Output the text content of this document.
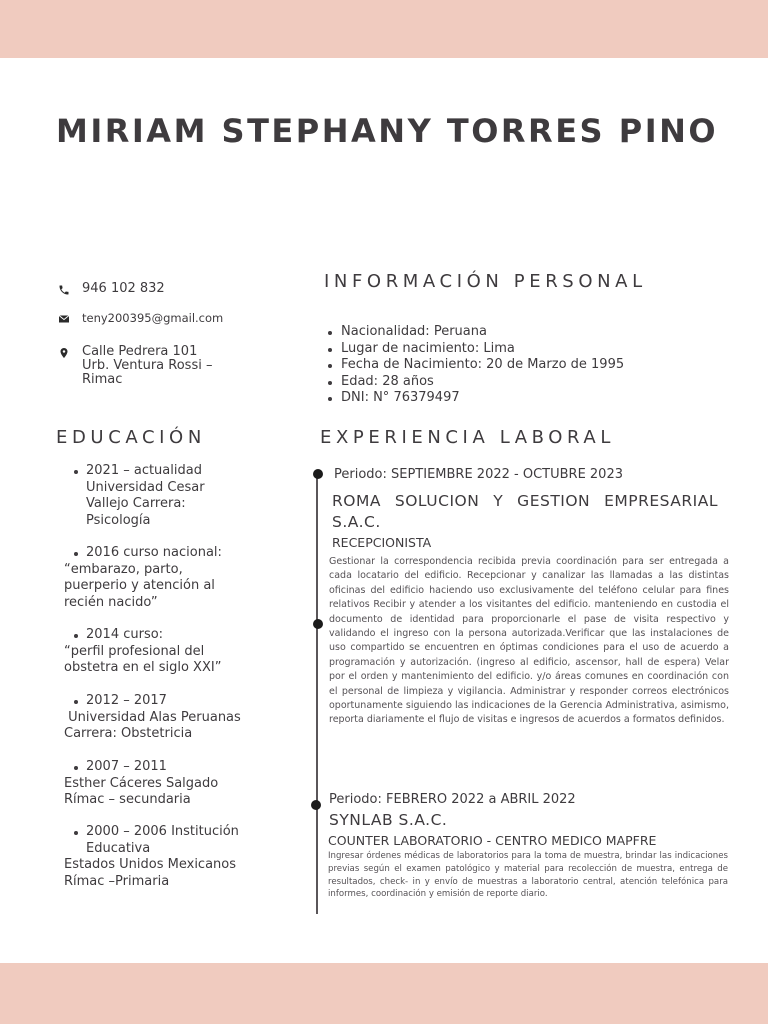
MIRIAM STEPHANY TORRES PINO
946 102 832
teny200395@gmail.com
Calle Pedrera 101
Urb. Ventura Rossi –
Rimac
INFORMACIÓN PERSONAL
Nacionalidad: Peruana
Lugar de nacimiento: Lima
Fecha de Nacimiento: 20 de Marzo de 1995
Edad: 28 años
DNI: N° 76379497
EDUCACIÓN
2021 – actualidad
Universidad Cesar
Vallejo Carrera:
Psicología
2016 curso nacional:
“embarazo, parto,
puerperio y atención al
recién nacido”
2014 curso:
“perfil profesional del
obstetra en el siglo XXI”
2012 – 2017
Universidad Alas Peruanas
Carrera: Obstetricia
2007 – 2011
Esther Cáceres Salgado
Rímac – secundaria
2000 – 2006 Institución
Educativa
Estados Unidos Mexicanos
Rímac –Primaria
EXPERIENCIA LABORAL
Periodo: SEPTIEMBRE 2022 - OCTUBRE 2023
ROMA SOLUCION Y GESTION EMPRESARIAL S.A.C.
RECEPCIONISTA
Gestionar la correspondencia recibida previa coordinación para ser entregada a cada locatario del edificio. Recepcionar y canalizar las llamadas a las distintas oficinas del edificio haciendo uso exclusivamente del teléfono celular para fines relativos Recibir y atender a los visitantes del edificio. manteniendo en custodia el documento de identidad para proporcionarle el pase de visita respectivo y validando el ingreso con la persona autorizada.Verificar que las instalaciones de uso compartido se encuentren en óptimas condiciones para el uso de acuerdo a programación y autorización. (ingreso al edificio, ascensor, hall de espera) Velar por el orden y mantenimiento del edificio. y/o áreas comunes en coordinación con el personal de limpieza y vigilancia. Administrar y responder correos electrónicos oportunamente siguiendo las indicaciones de la Gerencia Administrativa, asimismo, reporta diariamente el flujo de visitas e ingresos de acuerdos a formatos definidos.
Periodo: FEBRERO 2022 a ABRIL 2022
SYNLAB S.A.C.
COUNTER LABORATORIO - CENTRO MEDICO MAPFRE
Ingresar órdenes médicas de laboratorios para la toma de muestra, brindar las indicaciones previas según el examen patológico y material para recolección de muestra, entrega de resultados, check- in y envío de muestras a laboratorio central, atención telefónica para informes, coordinación y emisión de reporte diario.
